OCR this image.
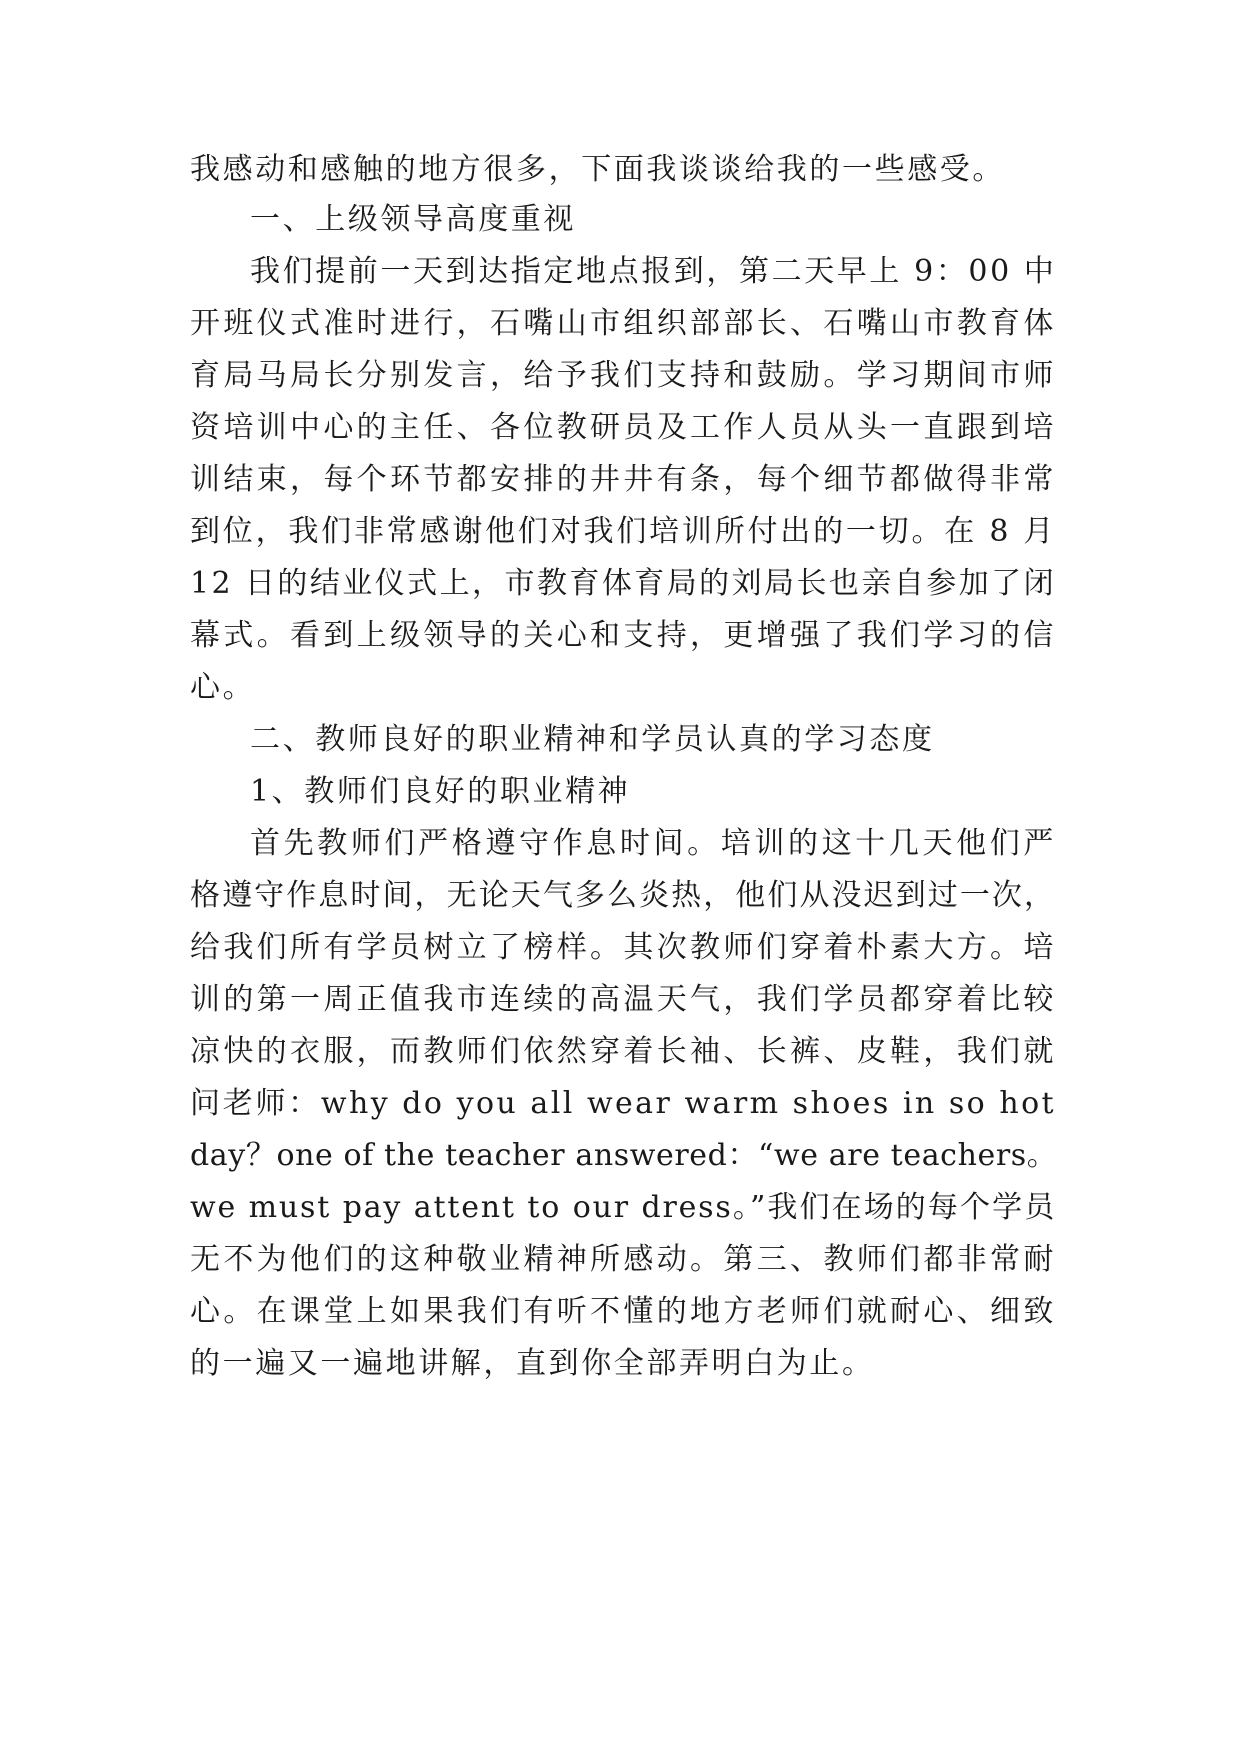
我感动和感触的地方很多，下面我谈谈给我的一些感受。
一、上级领导高度重视
我们提前一天到达指定地点报到，第二天早上 9：00 中
开班仪式准时进行，石嘴山市组织部部长、石嘴山市教育体
育局马局长分别发言，给予我们支持和鼓励。学习期间市师
资培训中心的主任、各位教研员及工作人员从头一直跟到培
训结束，每个环节都安排的井井有条，每个细节都做得非常
到位，我们非常感谢他们对我们培训所付出的一切。在 8 月
12 日的结业仪式上，市教育体育局的刘局长也亲自参加了闭
幕式。看到上级领导的关心和支持，更增强了我们学习的信
心。
二、教师良好的职业精神和学员认真的学习态度
1、教师们良好的职业精神
首先教师们严格遵守作息时间。培训的这十几天他们严
格遵守作息时间，无论天气多么炎热，他们从没迟到过一次，
给我们所有学员树立了榜样。其次教师们穿着朴素大方。培
训的第一周正值我市连续的高温天气，我们学员都穿着比较
凉快的衣服，而教师们依然穿着长袖、长裤、皮鞋，我们就
问老师：why do you all wear warm shoes in so hot
day？one of the teacher answered：“we are teachers。
we must pay attent to our dress。”我们在场的每个学员
无不为他们的这种敬业精神所感动。第三、教师们都非常耐
心。在课堂上如果我们有听不懂的地方老师们就耐心、细致
的一遍又一遍地讲解，直到你全部弄明白为止。
